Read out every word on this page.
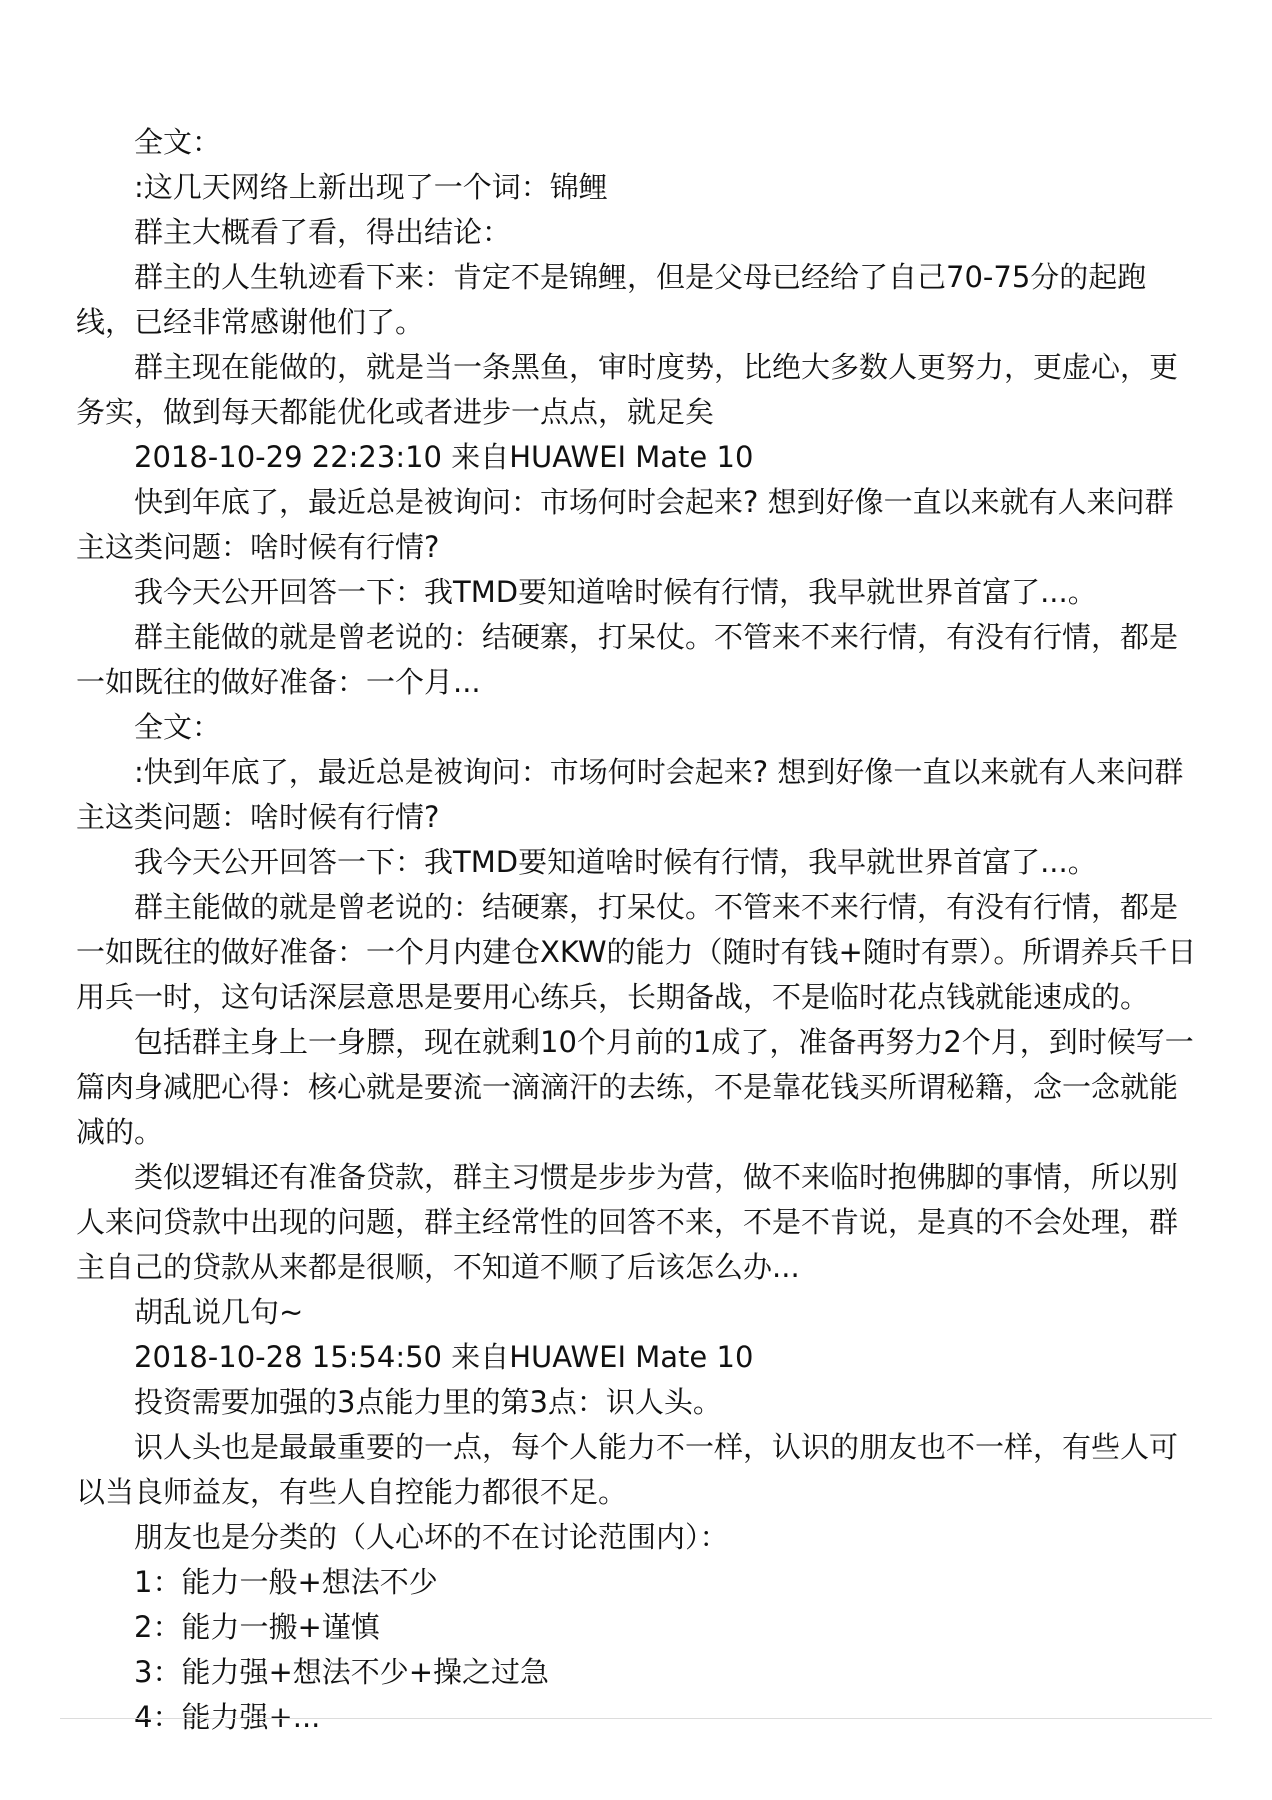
全文：

:这几天网络上新出现了一个词：锦鲤

群主大概看了看，得出结论：

群主的人生轨迹看下来：肯定不是锦鲤，但是父母已经给了自己70-75分的起跑线，已经非常感谢他们了。

群主现在能做的，就是当一条黑鱼，审时度势，比绝大多数人更努力，更虚心，更务实，做到每天都能优化或者进步一点点，就足矣

2018-10-29 22:23:10 来自HUAWEI Mate 10

快到年底了，最近总是被询问：市场何时会起来? 想到好像一直以来就有人来问群主这类问题：啥时候有行情?

我今天公开回答一下：我TMD要知道啥时候有行情，我早就世界首富了...。

群主能做的就是曾老说的：结硬寨，打呆仗。不管来不来行情，有没有行情，都是一如既往的做好准备：一个月...

全文：

:快到年底了，最近总是被询问：市场何时会起来? 想到好像一直以来就有人来问群主这类问题：啥时候有行情?

我今天公开回答一下：我TMD要知道啥时候有行情，我早就世界首富了...。

群主能做的就是曾老说的：结硬寨，打呆仗。不管来不来行情，有没有行情，都是一如既往的做好准备：一个月内建仓XKW的能力（随时有钱+随时有票）。所谓养兵千日用兵一时，这句话深层意思是要用心练兵，长期备战，不是临时花点钱就能速成的。

包括群主身上一身膘，现在就剩10个月前的1成了，准备再努力2个月，到时候写一篇肉身减肥心得：核心就是要流一滴滴汗的去练，不是靠花钱买所谓秘籍，念一念就能减的。

类似逻辑还有准备贷款，群主习惯是步步为营，做不来临时抱佛脚的事情，所以别人来问贷款中出现的问题，群主经常性的回答不来，不是不肯说，是真的不会处理，群主自己的贷款从来都是很顺，不知道不顺了后该怎么办...

胡乱说几句~

2018-10-28 15:54:50 来自HUAWEI Mate 10

投资需要加强的3点能力里的第3点：识人头。

识人头也是最最重要的一点，每个人能力不一样，认识的朋友也不一样，有些人可以当良师益友，有些人自控能力都很不足。

朋友也是分类的（人心坏的不在讨论范围内）：

1：能力一般+想法不少

2：能力一搬+谨慎

3：能力强+想法不少+操之过急

4：能力强+...
